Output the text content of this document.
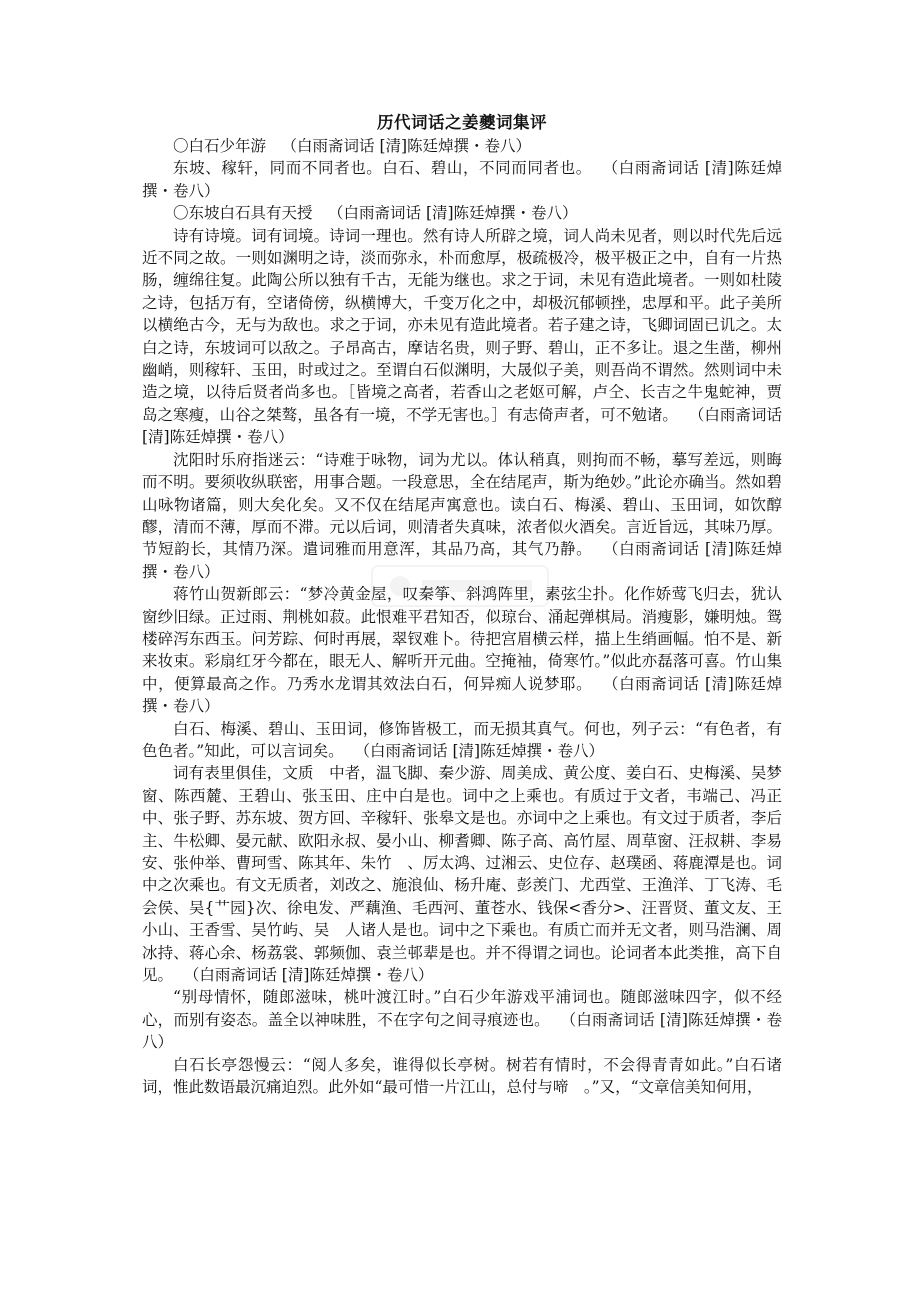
历代词话之姜夔词集评

〇白石少年游 （白雨斋词话 [清]陈廷焯撰・卷八）

东坡、稼轩，同而不同者也。白石、碧山，不同而同者也。 （白雨斋词话 [清]陈廷焯撰・卷八）

〇东坡白石具有天授 （白雨斋词话 [清]陈廷焯撰・卷八）

诗有诗境。词有词境。诗词一理也。然有诗人所辟之境，词人尚未见者，则以时代先后远近不同之故。一则如渊明之诗，淡而弥永，朴而愈厚，极疏极冷，极平极正之中，自有一片热肠，缠绵往复。此陶公所以独有千古，无能为继也。求之于词，未见有造此境者。一则如杜陵之诗，包括万有，空诸倚傍，纵横博大，千变万化之中，却极沉郁顿挫，忠厚和平。此子美所以横绝古今，无与为敌也。求之于词，亦未见有造此境者。若子建之诗，飞卿词固已讥之。太白之诗，东坡词可以敌之。子昂高古，摩诘名贵，则子野、碧山，正不多让。退之生凿，柳州幽峭，则稼轩、玉田，时或过之。至谓白石似渊明，大晟似子美，则吾尚不谓然。然则词中未造之境，以待后贤者尚多也。［皆境之高者，若香山之老妪可解，卢仝、长吉之牛鬼蛇神，贾岛之寒瘦，山谷之桀骜，虽各有一境，不学无害也。］有志倚声者，可不勉诸。 （白雨斋词话 [清]陈廷焯撰・卷八）

沈阳时乐府指迷云：“诗难于咏物，词为尤以。体认稍真，则拘而不畅，摹写差远，则晦而不明。要须收纵联密，用事合题。一段意思，全在结尾声，斯为绝妙。”此论亦确当。然如碧山咏物诸篇，则大矣化矣。又不仅在结尾声寓意也。读白石、梅溪、碧山、玉田词，如饮醇醪，清而不薄，厚而不滞。元以后词，则清者失真味，浓者似火酒矣。言近旨远，其味乃厚。节短韵长，其情乃深。遣词雅而用意浑，其品乃高，其气乃静。 （白雨斋词话 [清]陈廷焯撰・卷八）

蒋竹山贺新郎云：“梦冷黄金屋，叹秦筝、斜鸿阵里，素弦尘扑。化作娇莺飞归去，犹认窗纱旧绿。正过雨、荆桃如菽。此恨难平君知否，似琼台、涌起弹棋局。消瘦影，嫌明烛。鸳楼碎泻东西玉。问芳踪、何时再展，翠钗难卜。待把宫眉横云样，描上生绡画幅。怕不是、新来妆束。彩扇红牙今都在，眼无人、解听开元曲。空掩袖，倚寒竹。”似此亦磊落可喜。竹山集中，便算最高之作。乃秀水龙谓其效法白石，何异痴人说梦耶。 （白雨斋词话 [清]陈廷焯撰・卷八）

白石、梅溪、碧山、玉田词，修饰皆极工，而无损其真气。何也，列子云：“有色者，有色色者。”知此，可以言词矣。 （白雨斋词话 [清]陈廷焯撰・卷八）

词有表里俱佳，文质　中者，温飞脚、秦少游、周美成、黄公度、姜白石、史梅溪、吴梦窗、陈西麓、王碧山、张玉田、庄中白是也。词中之上乘也。有质过于文者，韦端己、冯正中、张子野、苏东坡、贺方回、辛稼轩、张皋文是也。亦词中之上乘也。有文过于质者，李后主、牛松卿、晏元献、欧阳永叔、晏小山、柳耆卿、陈子高、高竹屋、周草窗、汪叔耕、李易安、张仲举、曹珂雪、陈其年、朱竹　、厉太鸿、过湘云、史位存、赵璞函、蒋鹿潭是也。词中之次乘也。有文无质者，刘改之、施浪仙、杨升庵、彭羡门、尤西堂、王渔洋、丁飞涛、毛会侯、吴{艹园}次、徐电发、严藕渔、毛西河、董苍水、钱保<香分>、汪晋贤、董文友、王小山、王香雪、吴竹屿、吴　人诸人是也。词中之下乘也。有质亡而并无文者，则马浩澜、周冰持、蒋心余、杨荔裳、郭频伽、袁兰邨辈是也。并不得谓之词也。论词者本此类推，高下自见。 （白雨斋词话 [清]陈廷焯撰・卷八）

“别母情怀，随郎滋味，桃叶渡江时。”白石少年游戏平浦词也。随郎滋味四字，似不经心，而别有姿态。盖全以神味胜，不在字句之间寻痕迹也。 （白雨斋词话 [清]陈廷焯撰・卷八）

白石长亭怨慢云：“阅人多矣，谁得似长亭树。树若有情时，不会得青青如此。”白石诸词，惟此数语最沉痛迫烈。此外如“最可惜一片江山，总付与啼　。”又，“文章信美知何用，
